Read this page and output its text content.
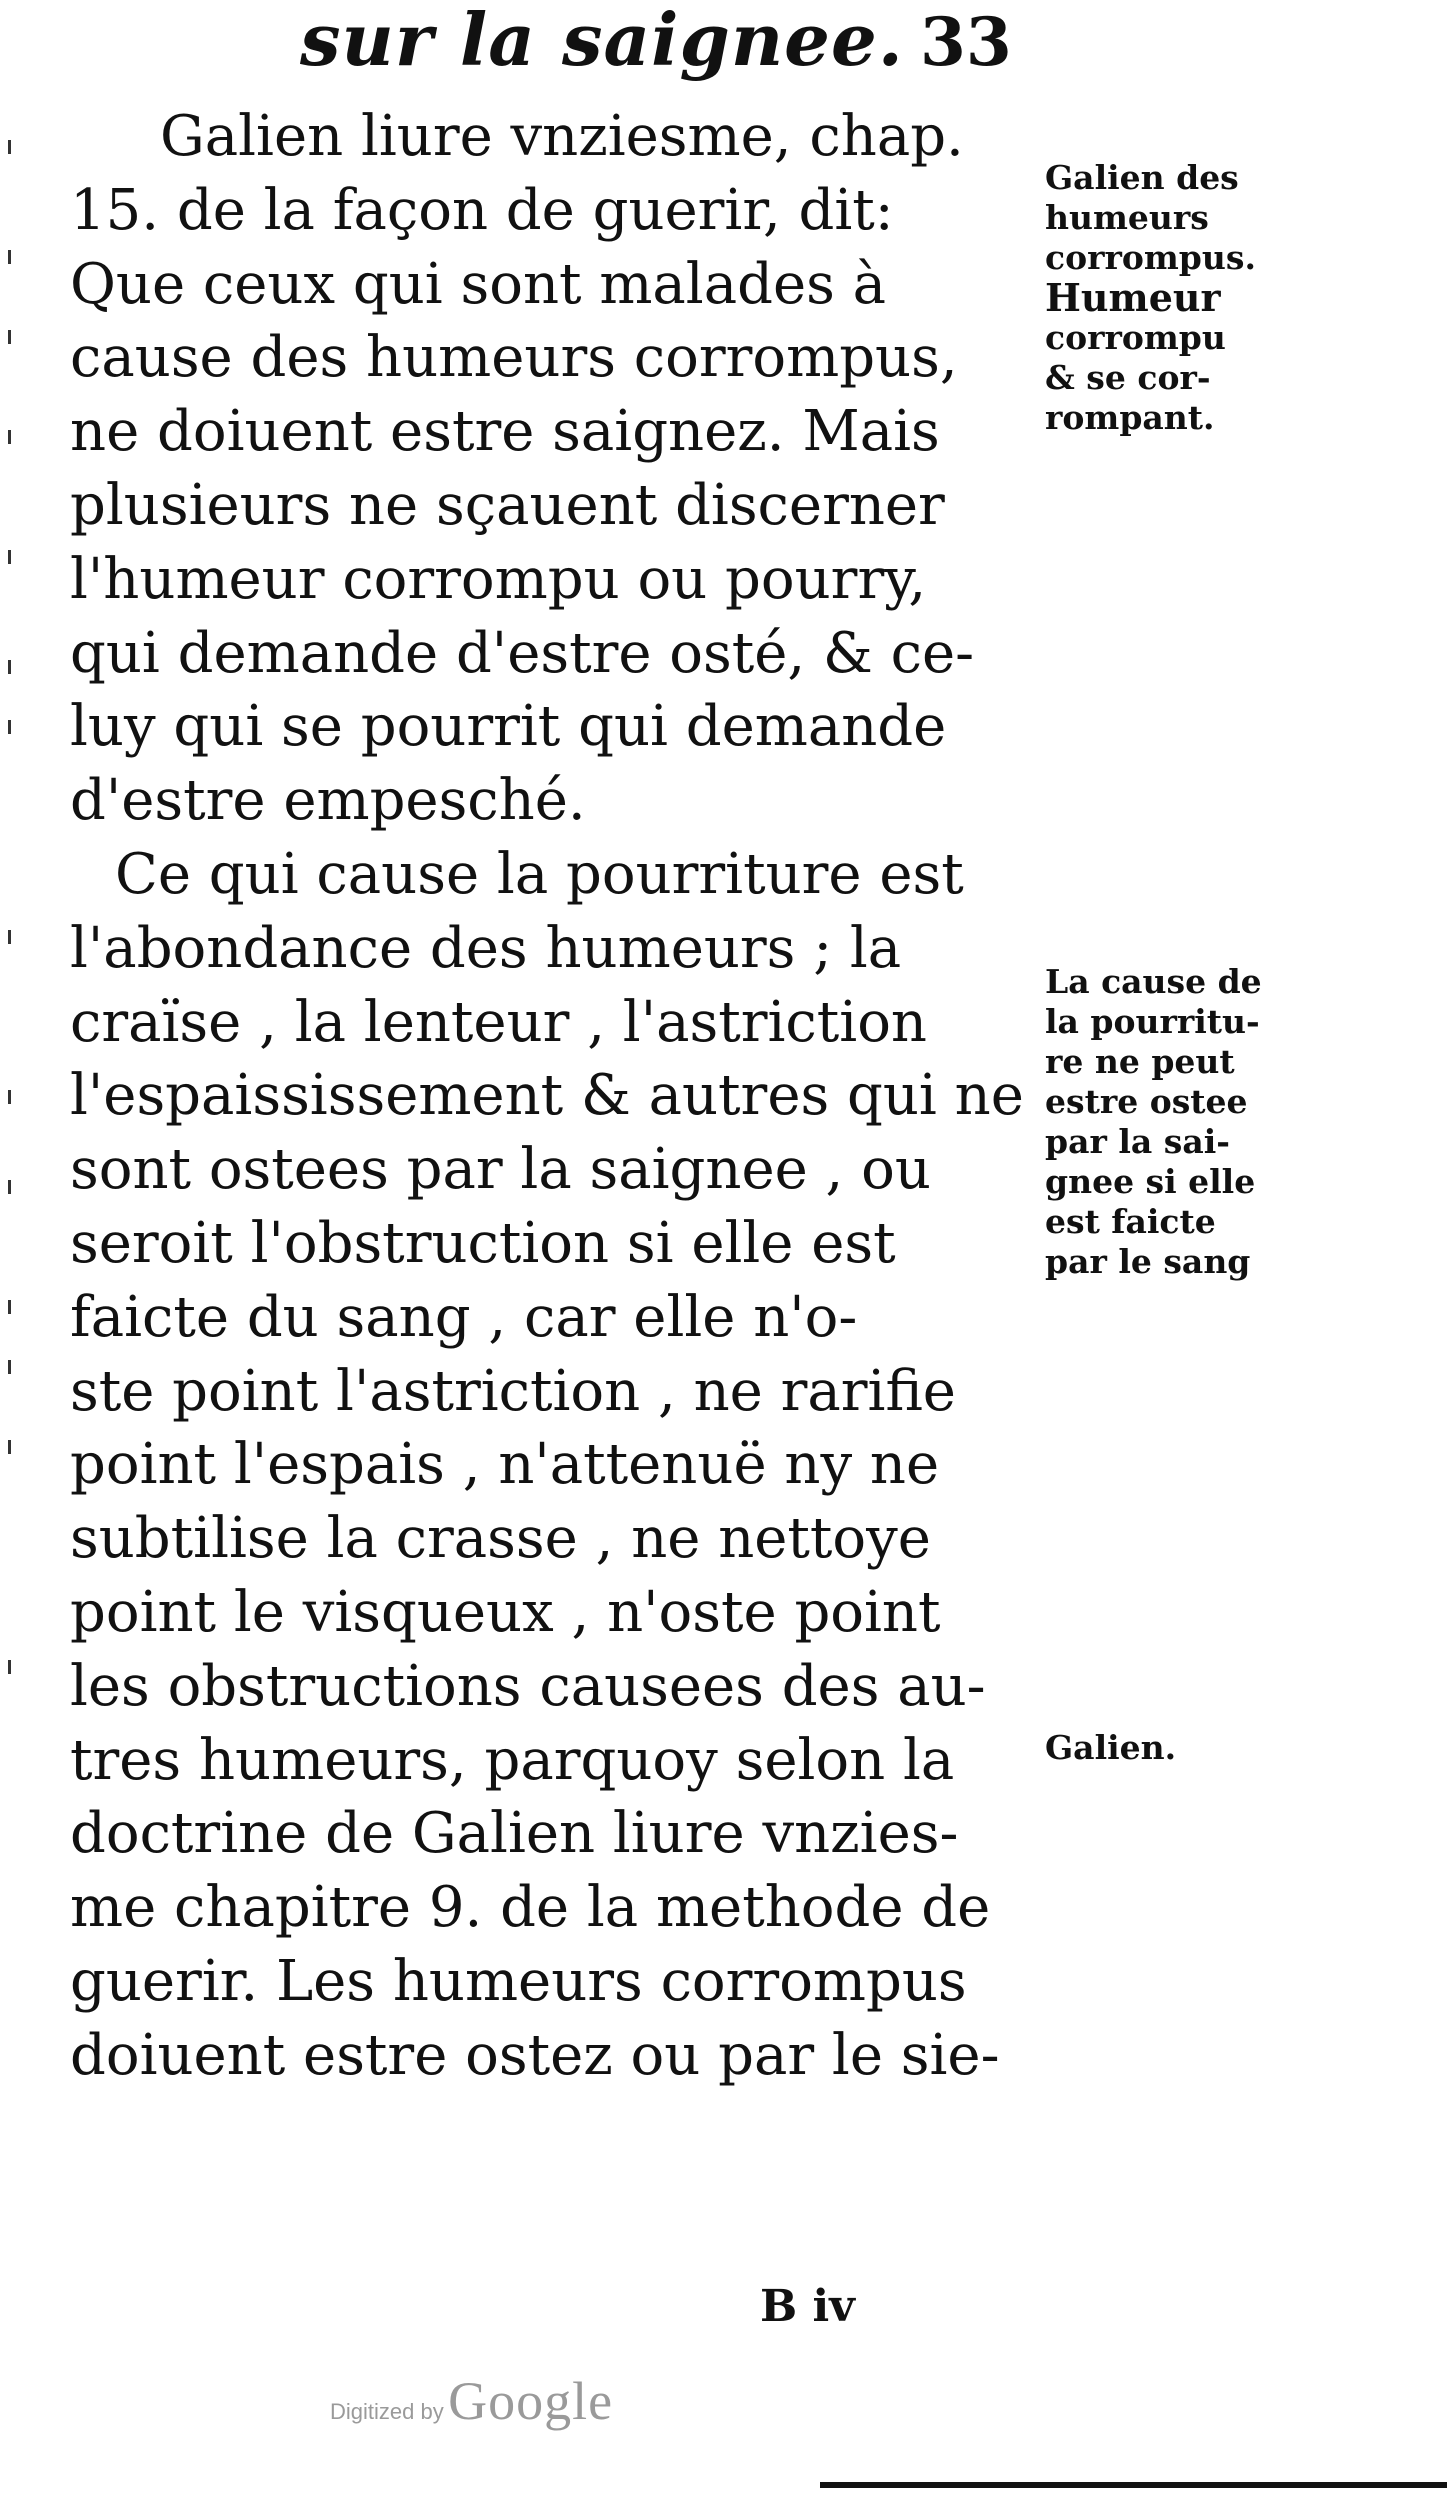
sur la saignee. 33
Galien liure vnziesme, chap.
15. de la façon de guerir, dit:
Que ceux qui sont malades à
cause des humeurs corrompus,
ne doiuent estre saignez. Mais
plusieurs ne sçauent discerner
l'humeur corrompu ou pourry,
qui demande d'estre osté, & ce-
luy qui se pourrit qui demande
d'estre empesché.
Ce qui cause la pourriture est
l'abondance des humeurs ; la
craïse , la lenteur , l'astriction
l'espaississement & autres qui ne
sont ostees par la saignee , ou
seroit l'obstruction si elle est
faicte du sang , car elle n'o-
ste point l'astriction , ne rarifie
point l'espais , n'attenuë ny ne
subtilise la crasse , ne nettoye
point le visqueux , n'oste point
les obstructions causees des au-
tres humeurs, parquoy selon la
doctrine de Galien liure vnzies-
me chapitre 9. de la methode de
guerir. Les humeurs corrompus
doiuent estre ostez ou par le sie-
Galien des
humeurs
corrompus.
Humeur
corrompu
& se cor-
rompant.
La cause de
la pourritu-
re ne peut
estre ostee
par la sai-
gnee si elle
est faicte
par le sang
Galien.
B iv
Digitized by Google
